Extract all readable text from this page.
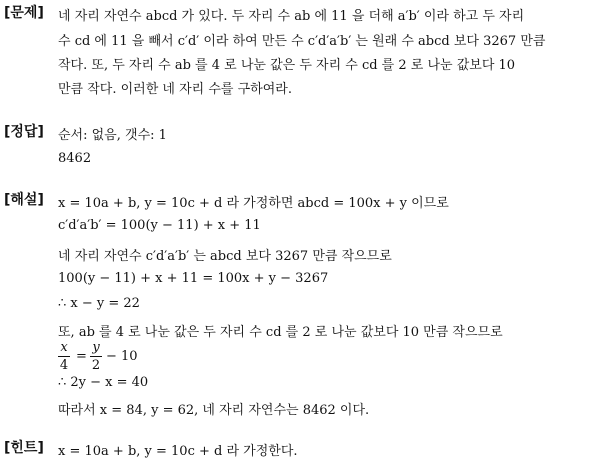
[문제] 네 자리 자연수 abcd 가 있다. 두 자리 수 ab 에 11 을 더해 a′b′ 이라 하고 두 자리
수 cd 에 11 을 빼서 c′d′ 이라 하여 만든 수 c′d′a′b′ 는 원래 수 abcd 보다 3267 만큼
작다. 또, 두 자리 수 ab 를 4 로 나눈 값은 두 자리 수 cd 를 2 로 나눈 값보다 10
만큼 작다. 이러한 네 자리 수를 구하여라.
[정답] 순서: 없음, 갯수: 1
8462
[해설] x = 10a + b, y = 10c + d 라 가정하면 abcd = 100x + y 이므로
c′d′a′b′ = 100(y − 11) + x + 11
네 자리 자연수 c′d′a′b′ 는 abcd 보다 3267 만큼 작으므로
100(y − 11) + x + 11 = 100x + y − 3267
∴ x − y = 22
또, ab 를 4 로 나눈 값은 두 자리 수 cd 를 2 로 나눈 값보다 10 만큼 작으므로
x
4
=
y
2
− 10
∴ 2y − x = 40
따라서 x = 84, y = 62, 네 자리 자연수는 8462 이다.
[힌트] x = 10a + b, y = 10c + d 라 가정한다.
